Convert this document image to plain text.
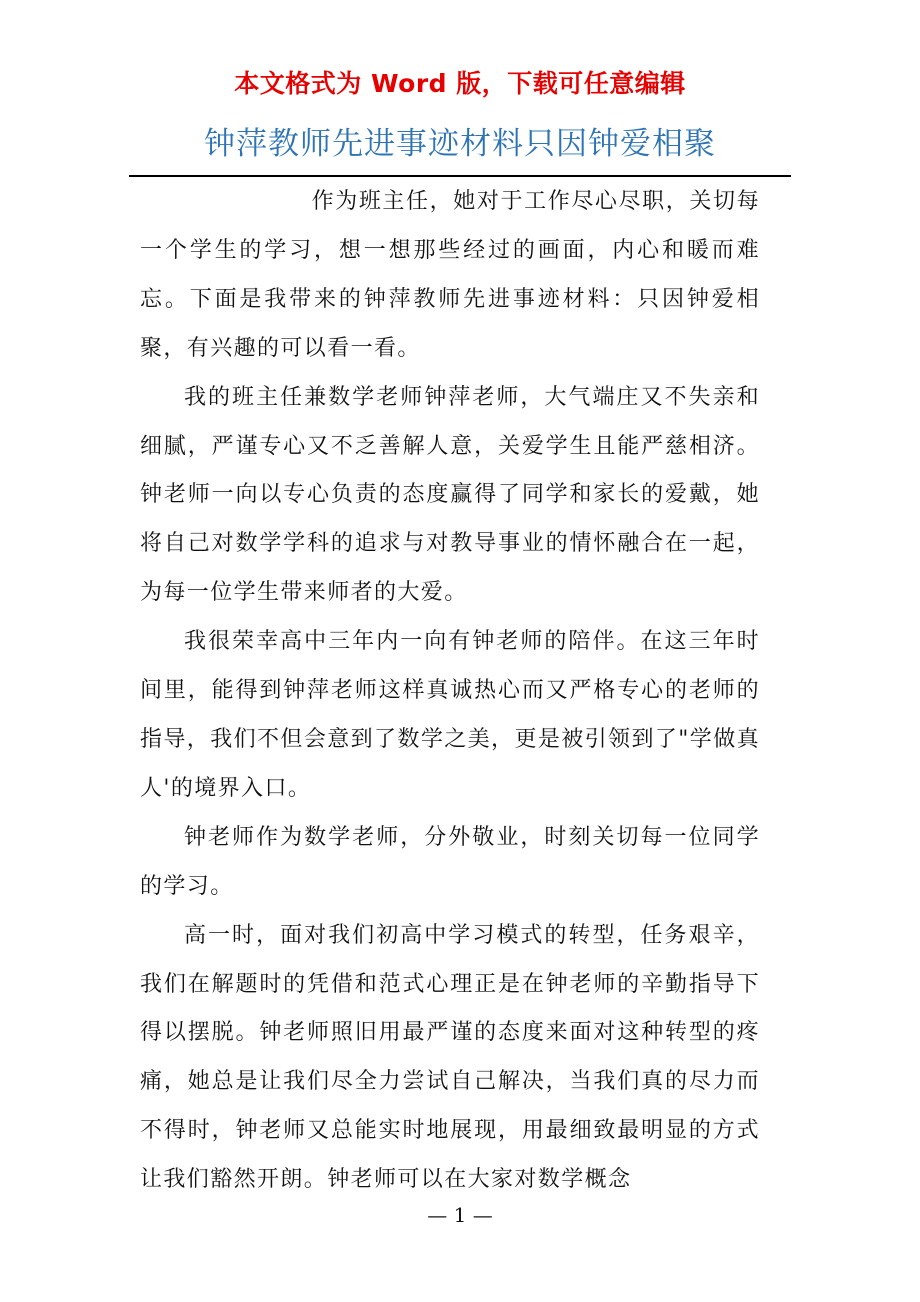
本文格式为 Word 版，下载可任意编辑
钟萍教师先进事迹材料只因钟爱相聚

作为班主任，她对于工作尽心尽职，关切每一个学生的学习，想一想那些经过的画面，内心和暖而难忘。下面是我带来的钟萍教师先进事迹材料：只因钟爱相聚，有兴趣的可以看一看。

我的班主任兼数学老师钟萍老师，大气端庄又不失亲和细腻，严谨专心又不乏善解人意，关爱学生且能严慈相济。钟老师一向以专心负责的态度赢得了同学和家长的爱戴，她将自己对数学学科的追求与对教导事业的情怀融合在一起，为每一位学生带来师者的大爱。

我很荣幸高中三年内一向有钟老师的陪伴。在这三年时间里，能得到钟萍老师这样真诚热心而又严格专心的老师的指导，我们不但会意到了数学之美，更是被引领到了"学做真人'的境界入口。

钟老师作为数学老师，分外敬业，时刻关切每一位同学的学习。

高一时，面对我们初高中学习模式的转型，任务艰辛，我们在解题时的凭借和范式心理正是在钟老师的辛勤指导下得以摆脱。钟老师照旧用最严谨的态度来面对这种转型的疼痛，她总是让我们尽全力尝试自己解决，当我们真的尽力而不得时，钟老师又总能实时地展现，用最细致最明显的方式让我们豁然开朗。钟老师可以在大家对数学概念

— 1 —
